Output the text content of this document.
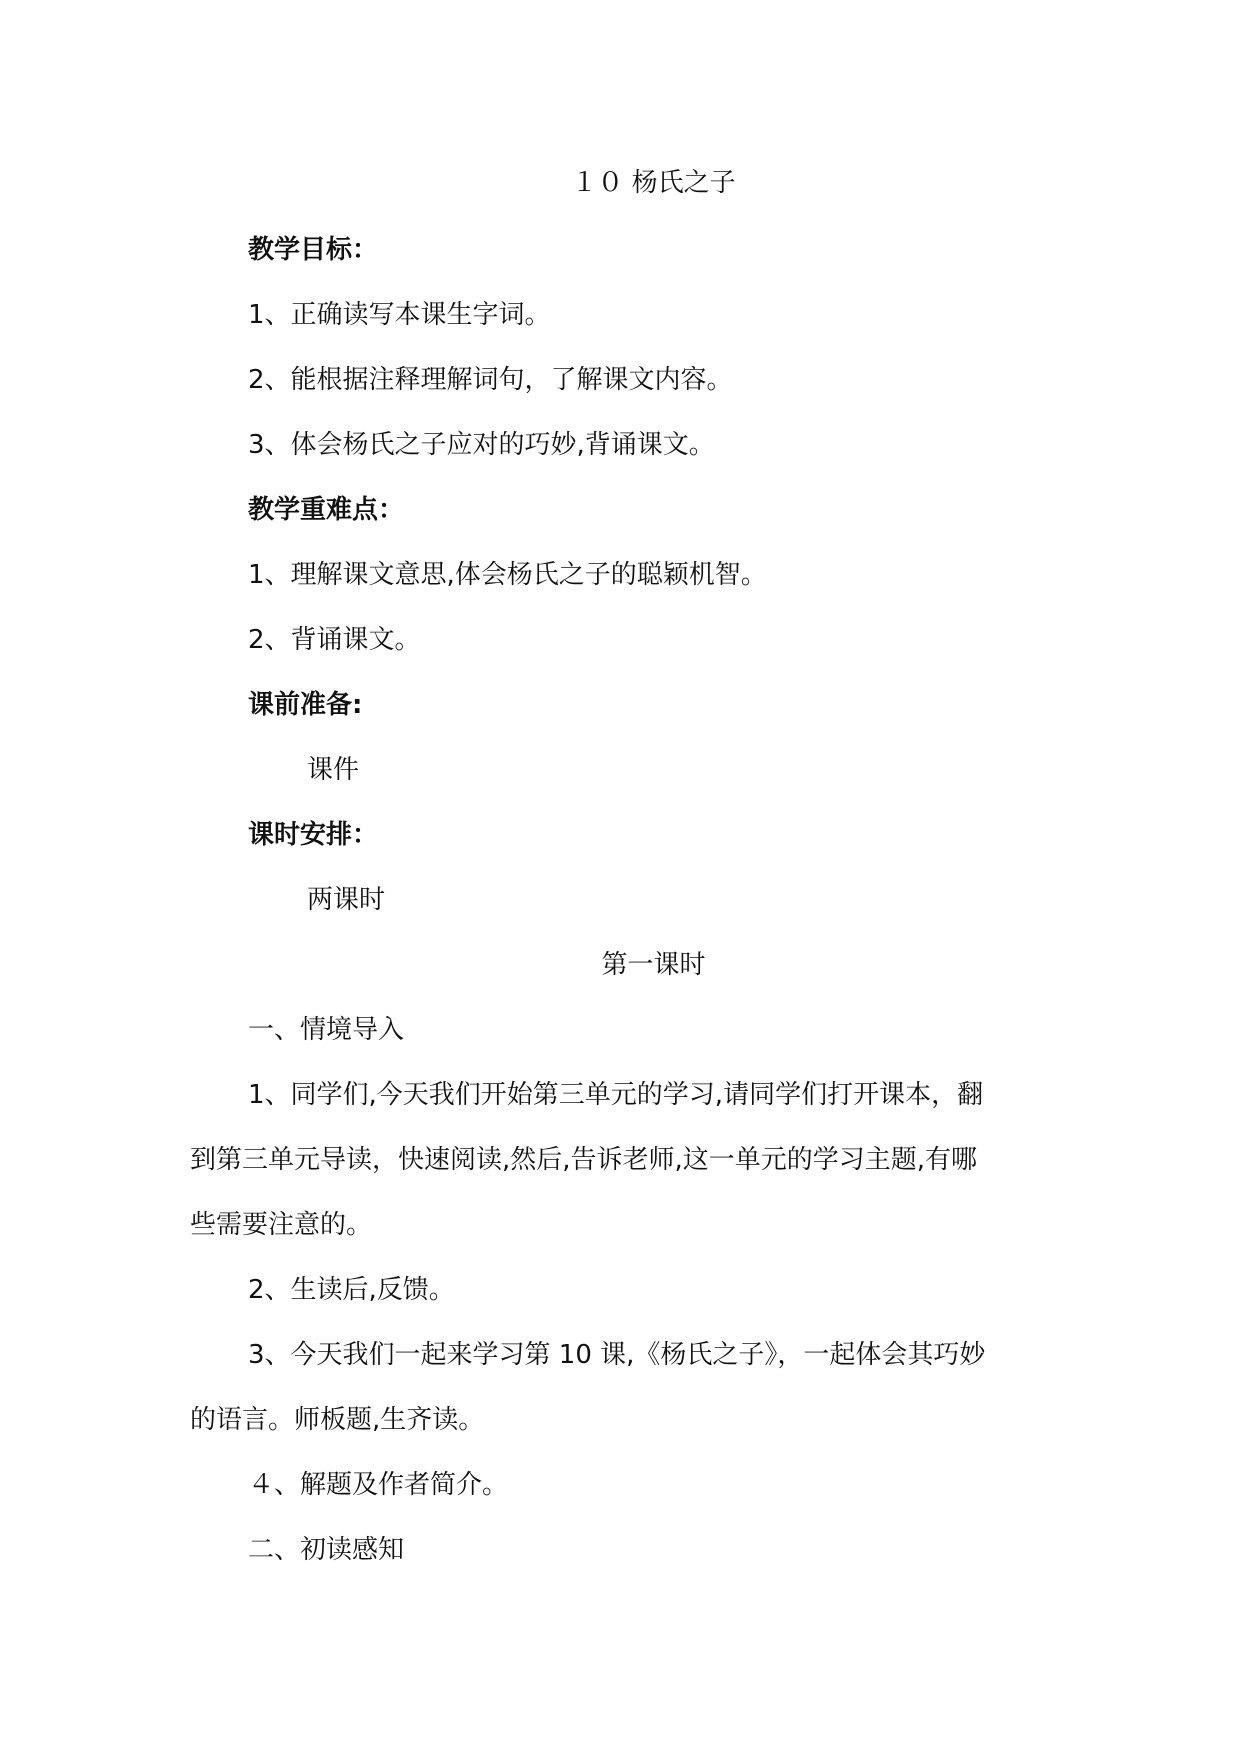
１０ 杨氏之子
教学目标：
1、正确读写本课生字词。
2、能根据注释理解词句，了解课文内容。
3、体会杨氏之子应对的巧妙,背诵课文。
教学重难点：
1、理解课文意思,体会杨氏之子的聪颖机智。
2、背诵课文。
课前准备:
课件
课时安排：
两课时
第一课时
一、情境导入
1、同学们,今天我们开始第三单元的学习,请同学们打开课本，翻
到第三单元导读，快速阅读,然后,告诉老师,这一单元的学习主题,有哪
些需要注意的。
2、生读后,反馈。
3、今天我们一起来学习第 10 课,《杨氏之子》，一起体会其巧妙
的语言。师板题,生齐读。
４、解题及作者简介。
二、初读感知
